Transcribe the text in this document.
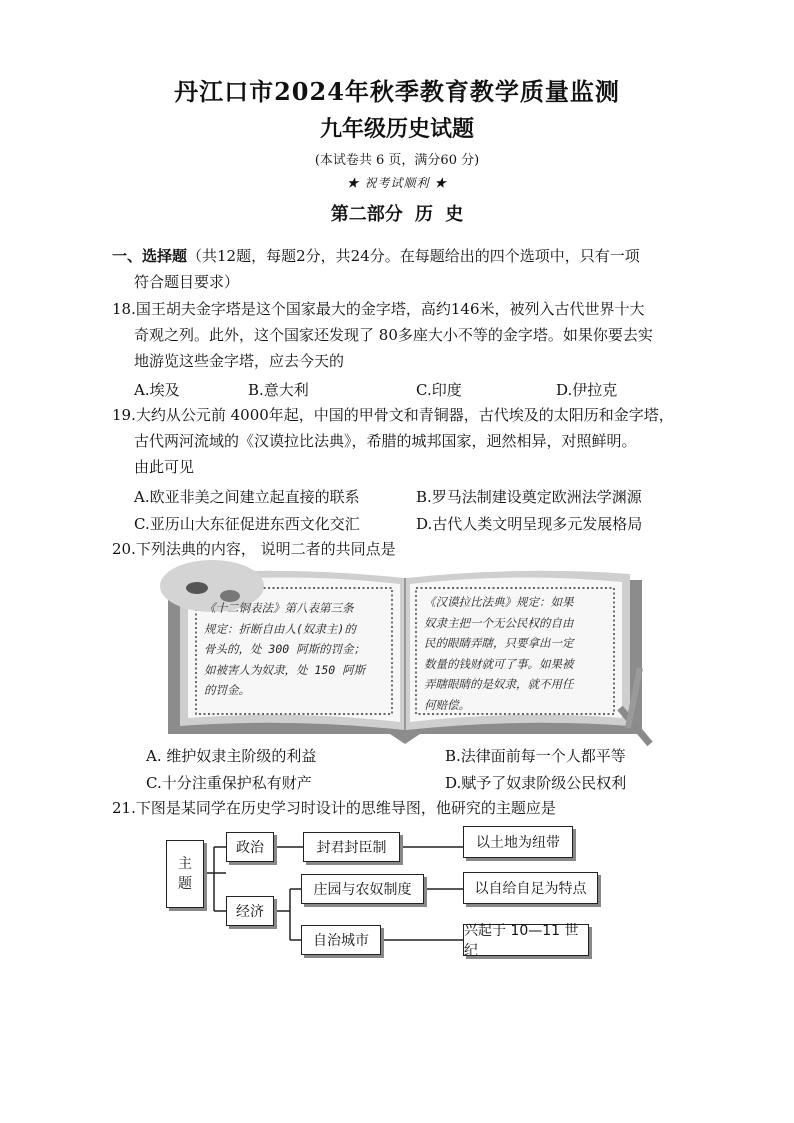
丹江口市2024年秋季教育教学质量监测
九年级历史试题
(本试卷共 6 页，满分60 分)
★ 祝考试顺利 ★
第二部分 历 史
一、选择题（共12题，每题2分，共24分。在每题给出的四个选项中，只有一项
符合题目要求）
18.国王胡夫金字塔是这个国家最大的金字塔，高约146米，被列入古代世界十大
奇观之列。此外，这个国家还发现了 80多座大小不等的金字塔。如果你要去实
地游览这些金字塔，应去今天的
A.埃及	B.意大利	C.印度	D.伊拉克
19.大约从公元前 4000年起，中国的甲骨文和青铜器，古代埃及的太阳历和金字塔，
古代两河流域的《汉谟拉比法典》，希腊的城邦国家，迥然相异，对照鲜明。
由此可见
A.欧亚非美之间建立起直接的联系	B.罗马法制建设奠定欧洲法学渊源
C.亚历山大东征促进东西文化交汇	D.古代人类文明呈现多元发展格局
20.下列法典的内容， 说明二者的共同点是
《十二铜表法》第八表第三条
规定：折断自由人(奴隶主)的
骨头的，处 300 阿斯的罚金；
如被害人为奴隶，处 150 阿斯
的罚金。
《汉谟拉比法典》规定：如果
奴隶主把一个无公民权的自由
民的眼睛弄瞎，只要拿出一定
数量的钱财就可了事。如果被
弄瞎眼睛的是奴隶，就不用任
何赔偿。
A. 维护奴隶主阶级的利益	B.法律面前每一个人都平等
C.十分注重保护私有财产	D.赋予了奴隶阶级公民权利
21.下图是某同学在历史学习时设计的思维导图，他研究的主题应是
主
题
政治	封君封臣制	以土地为纽带
经济
庄园与农奴制度	以自给自足为特点
自治城市
兴起于 10—11 世纪
